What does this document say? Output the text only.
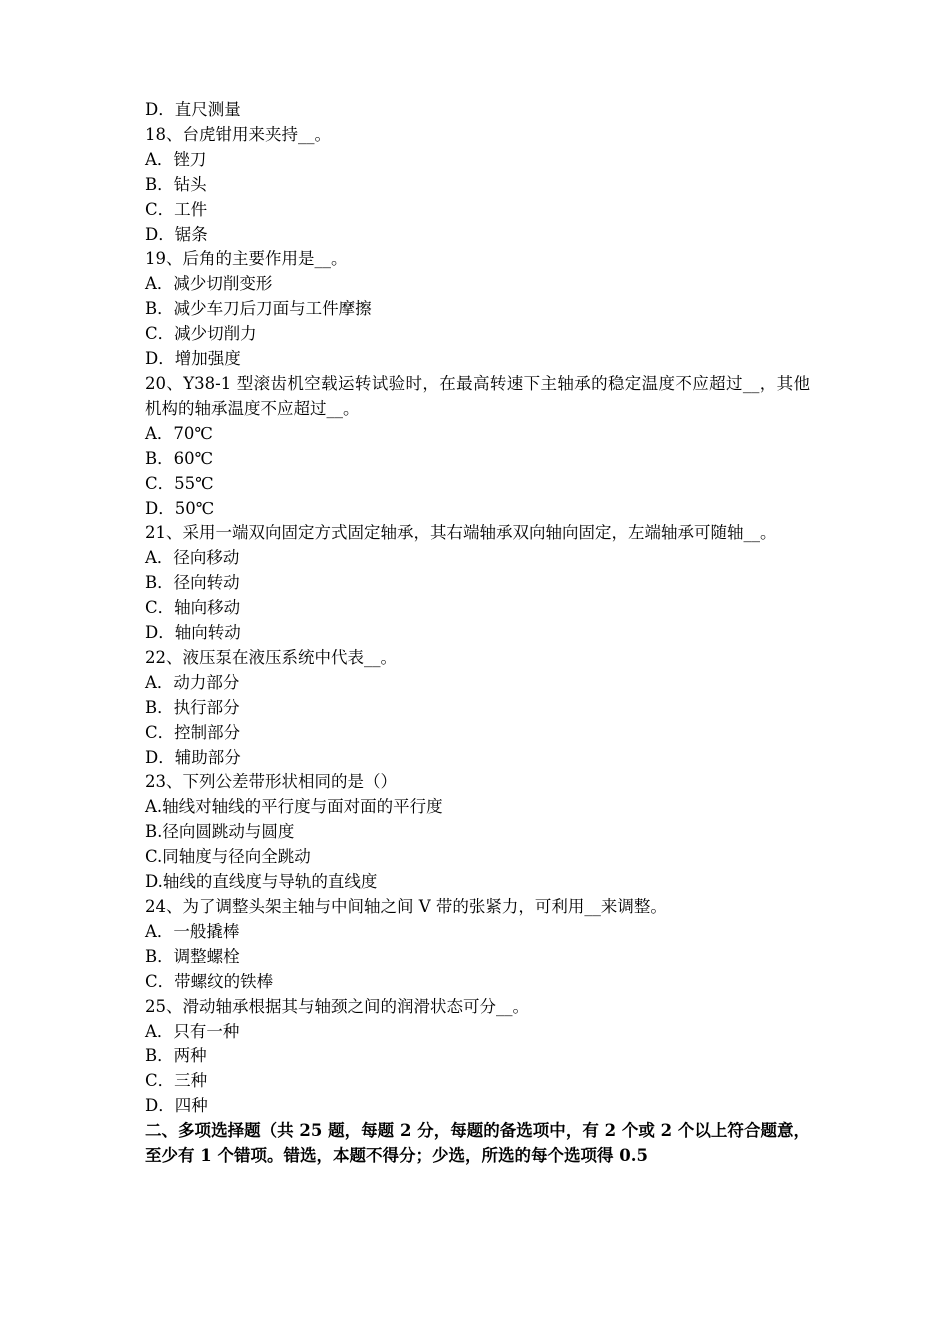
D．直尺测量
18、台虎钳用来夹持__。
A．锉刀
B．钻头
C．工件
D．锯条
19、后角的主要作用是__。
A．减少切削变形
B．减少车刀后刀面与工件摩擦
C．减少切削力
D．增加强度
20、Y38-1 型滚齿机空载运转试验时，在最高转速下主轴承的稳定温度不应超过__，其他机构的轴承温度不应超过__。
A．70℃
B．60℃
C．55℃
D．50℃
21、采用一端双向固定方式固定轴承，其右端轴承双向轴向固定，左端轴承可随轴__。
A．径向移动
B．径向转动
C．轴向移动
D．轴向转动
22、液压泵在液压系统中代表__。
A．动力部分
B．执行部分
C．控制部分
D．辅助部分
23、下列公差带形状相同的是（）
A.轴线对轴线的平行度与面对面的平行度
B.径向圆跳动与圆度
C.同轴度与径向全跳动
D.轴线的直线度与导轨的直线度
24、为了调整头架主轴与中间轴之间 V 带的张紧力，可利用__来调整。
A．一般撬棒
B．调整螺栓
C．带螺纹的铁棒
25、滑动轴承根据其与轴颈之间的润滑状态可分__。
A．只有一种
B．两种
C．三种
D．四种
二、多项选择题（共 25 题，每题 2 分，每题的备选项中，有 2 个或 2 个以上符合题意，至少有 1 个错项。错选，本题不得分；少选，所选的每个选项得 0.5
